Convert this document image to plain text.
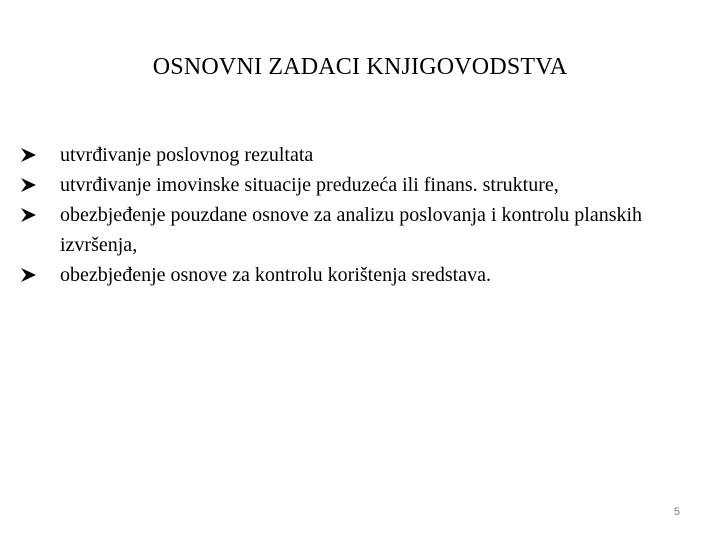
OSNOVNI ZADACI KNJIGOVODSTVA
utvrđivanje poslovnog rezultata
utvrđivanje imovinske situacije preduzeća ili finans. strukture,
obezbjeđenje pouzdane osnove za analizu poslovanja i kontrolu planskih izvršenja,
obezbjeđenje osnove za kontrolu korištenja sredstava.
5
